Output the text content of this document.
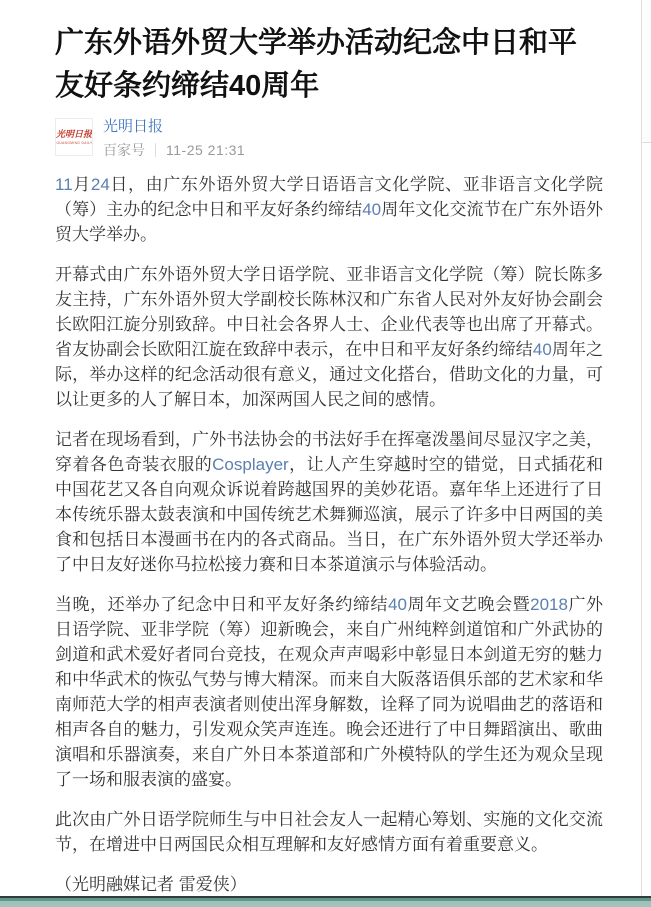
广东外语外贸大学举办活动纪念中日和平友好条约缔结40周年
光明日报
GUANGMING DAILY
光明日报
百家号 11-25 21:31

11月24日，由广东外语外贸大学日语语言文化学院、亚非语言文化学院（筹）主办的纪念中日和平友好条约缔结40周年文化交流节在广东外语外贸大学举办。

开幕式由广东外语外贸大学日语学院、亚非语言文化学院（筹）院长陈多友主持，广东外语外贸大学副校长陈林汉和广东省人民对外友好协会副会长欧阳江旋分别致辞。中日社会各界人士、企业代表等也出席了开幕式。省友协副会长欧阳江旋在致辞中表示，在中日和平友好条约缔结40周年之际，举办这样的纪念活动很有意义，通过文化搭台，借助文化的力量，可以让更多的人了解日本，加深两国人民之间的感情。

记者在现场看到，广外书法协会的书法好手在挥毫泼墨间尽显汉字之美，穿着各色奇装衣服的Cosplayer，让人产生穿越时空的错觉，日式插花和中国花艺又各自向观众诉说着跨越国界的美妙花语。嘉年华上还进行了日本传统乐器太鼓表演和中国传统艺术舞狮巡演，展示了许多中日两国的美食和包括日本漫画书在内的各式商品。当日，在广东外语外贸大学还举办了中日友好迷你马拉松接力赛和日本茶道演示与体验活动。

当晚，还举办了纪念中日和平友好条约缔结40周年文艺晚会暨2018广外日语学院、亚非学院（筹）迎新晚会，来自广州纯粹剑道馆和广外武协的剑道和武术爱好者同台竞技，在观众声声喝彩中彰显日本剑道无穷的魅力和中华武术的恢弘气势与博大精深。而来自大阪落语俱乐部的艺术家和华南师范大学的相声表演者则使出浑身解数，诠释了同为说唱曲艺的落语和相声各自的魅力，引发观众笑声连连。晚会还进行了中日舞蹈演出、歌曲演唱和乐器演奏，来自广外日本茶道部和广外模特队的学生还为观众呈现了一场和服表演的盛宴。

此次由广外日语学院师生与中日社会友人一起精心筹划、实施的文化交流节，在增进中日两国民众相互理解和友好感情方面有着重要意义。

（光明融媒记者 雷爱侠）
